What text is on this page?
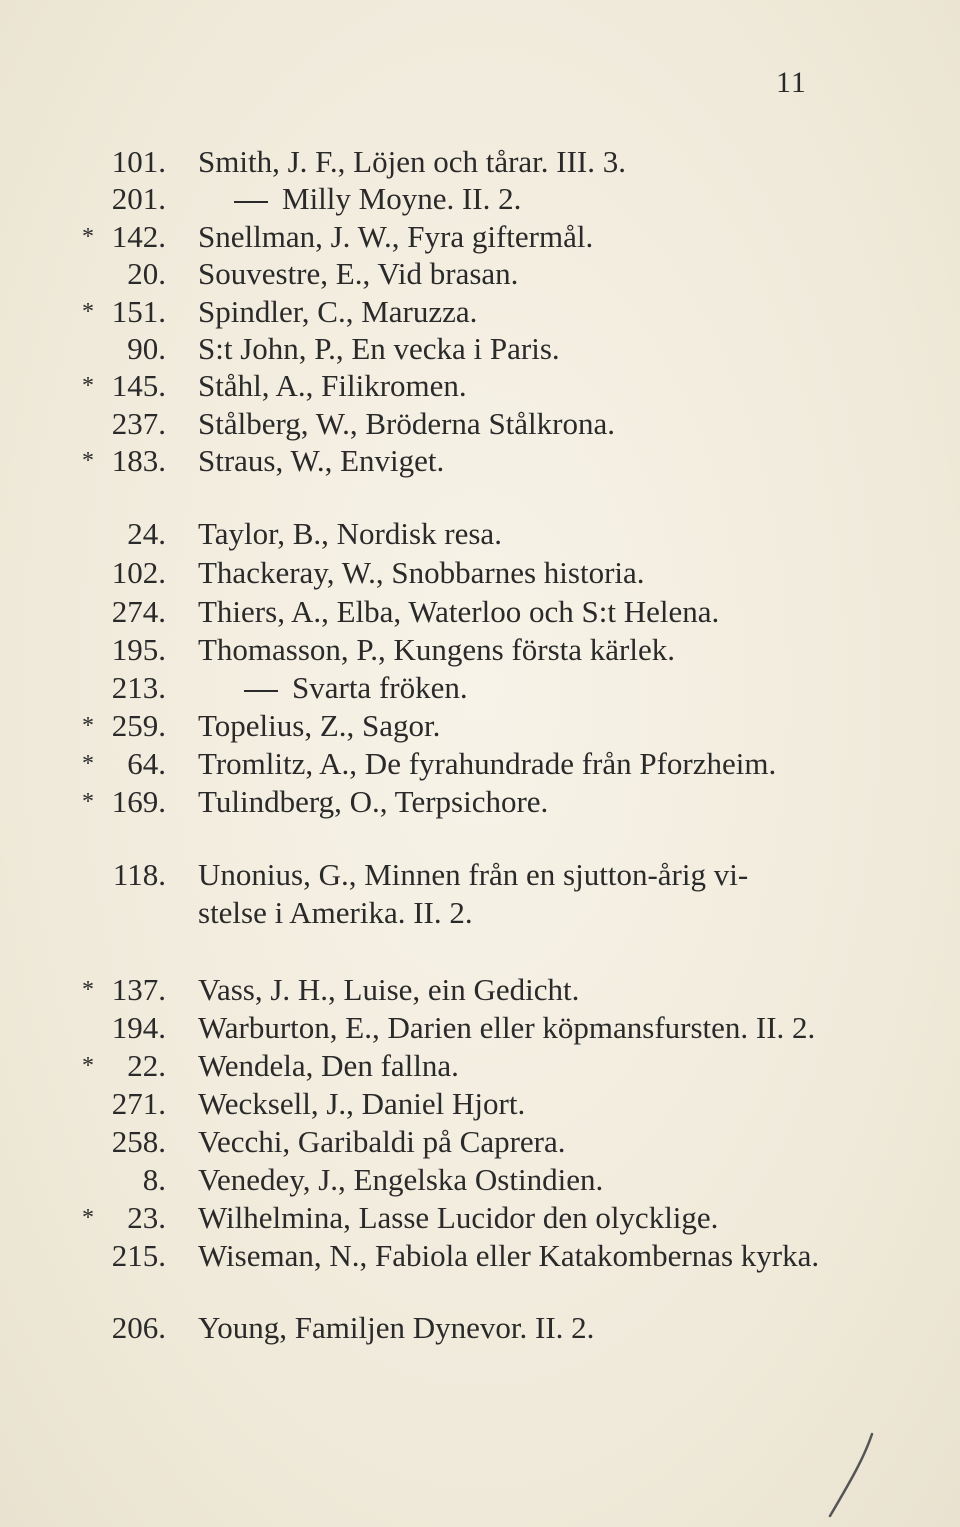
11
101. Smith, J. F., Löjen och tårar. III. 3.
201.	Milly Moyne. II. 2.
* 142. Snellman, J. W., Fyra giftermål.
20. Souvestre, E., Vid brasan.
* 151. Spindler, C., Maruzza.
90. S:t John, P., En vecka i Paris.
* 145. Ståhl, A., Filikromen.
237. Stålberg, W., Bröderna Stålkrona.
* 183. Straus, W., Enviget.
24. Taylor, B., Nordisk resa.
102. Thackeray, W., Snobbarnes historia.
274. Thiers, A., Elba, Waterloo och S:t Helena.
195. Thomasson, P., Kungens första kärlek.
213.	Svarta fröken.
* 259. Topelius, Z., Sagor.
* 64. Tromlitz, A., De fyrahundrade från Pforzheim.
* 169. Tulindberg, O., Terpsichore.
118. Unonius, G., Minnen från en sjutton-årig vi-
stelse i Amerika. II. 2.
* 137. Vass, J. H., Luise, ein Gedicht.
194. Warburton, E., Darien eller köpmansfursten. II. 2.
* 22. Wendela, Den fallna.
271. Wecksell, J., Daniel Hjort.
258. Vecchi, Garibaldi på Caprera.
8. Venedey, J., Engelska Ostindien.
* 23. Wilhelmina, Lasse Lucidor den olycklige.
215. Wiseman, N., Fabiola eller Katakombernas kyrka.
206. Young, Familjen Dynevor. II. 2.
